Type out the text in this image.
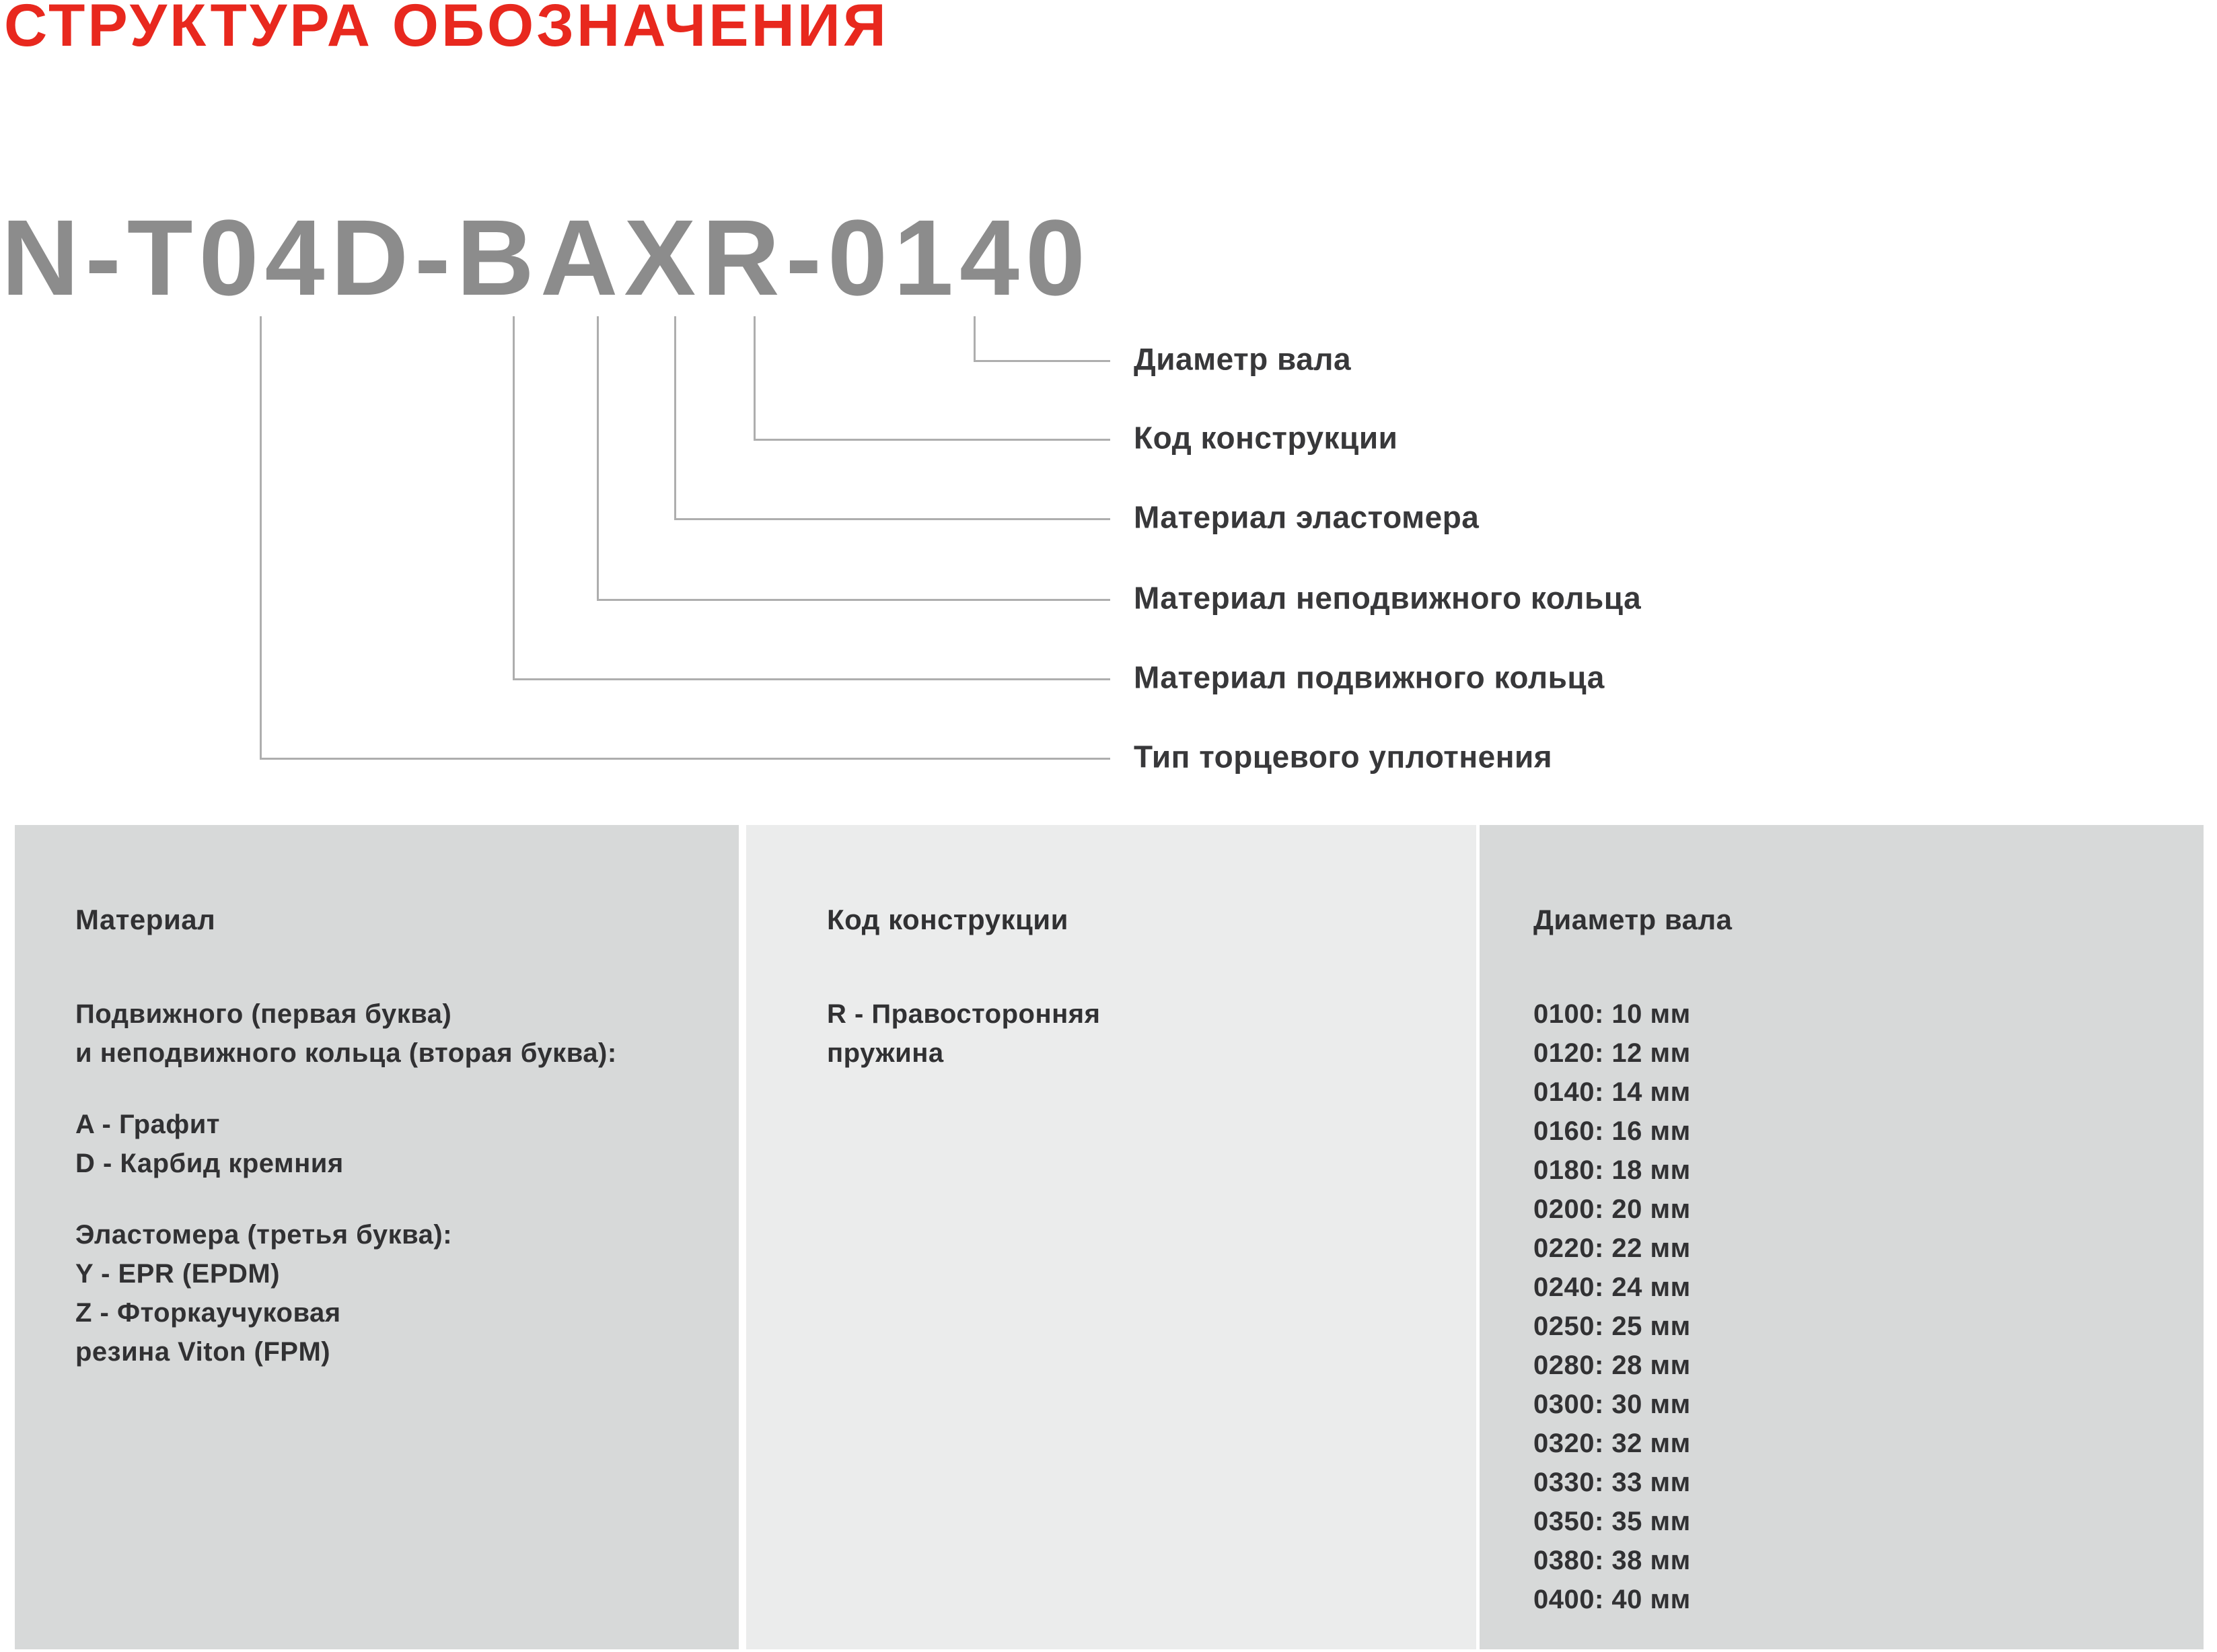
СТРУКТУРА ОБОЗНАЧЕНИЯ
N-T04D-BAXR-0140
Диаметр вала
Код конструкции
Материал эластомера
Материал неподвижного кольца
Материал подвижного кольца
Тип торцевого уплотнения
Материал
Подвижного (первая буква)
и неподвижного кольца (вторая буква):
A - Графит
D - Карбид кремния
Эластомера (третья буква):
Y - EPR (EPDM)
Z - Фторкаучуковая
резина Viton (FPM)
Код конструкции
R - Правосторонняя
пружина
Диаметр вала
0100: 10 мм
0120: 12 мм
0140: 14 мм
0160: 16 мм
0180: 18 мм
0200: 20 мм
0220: 22 мм
0240: 24 мм
0250: 25 мм
0280: 28 мм
0300: 30 мм
0320: 32 мм
0330: 33 мм
0350: 35 мм
0380: 38 мм
0400: 40 мм
